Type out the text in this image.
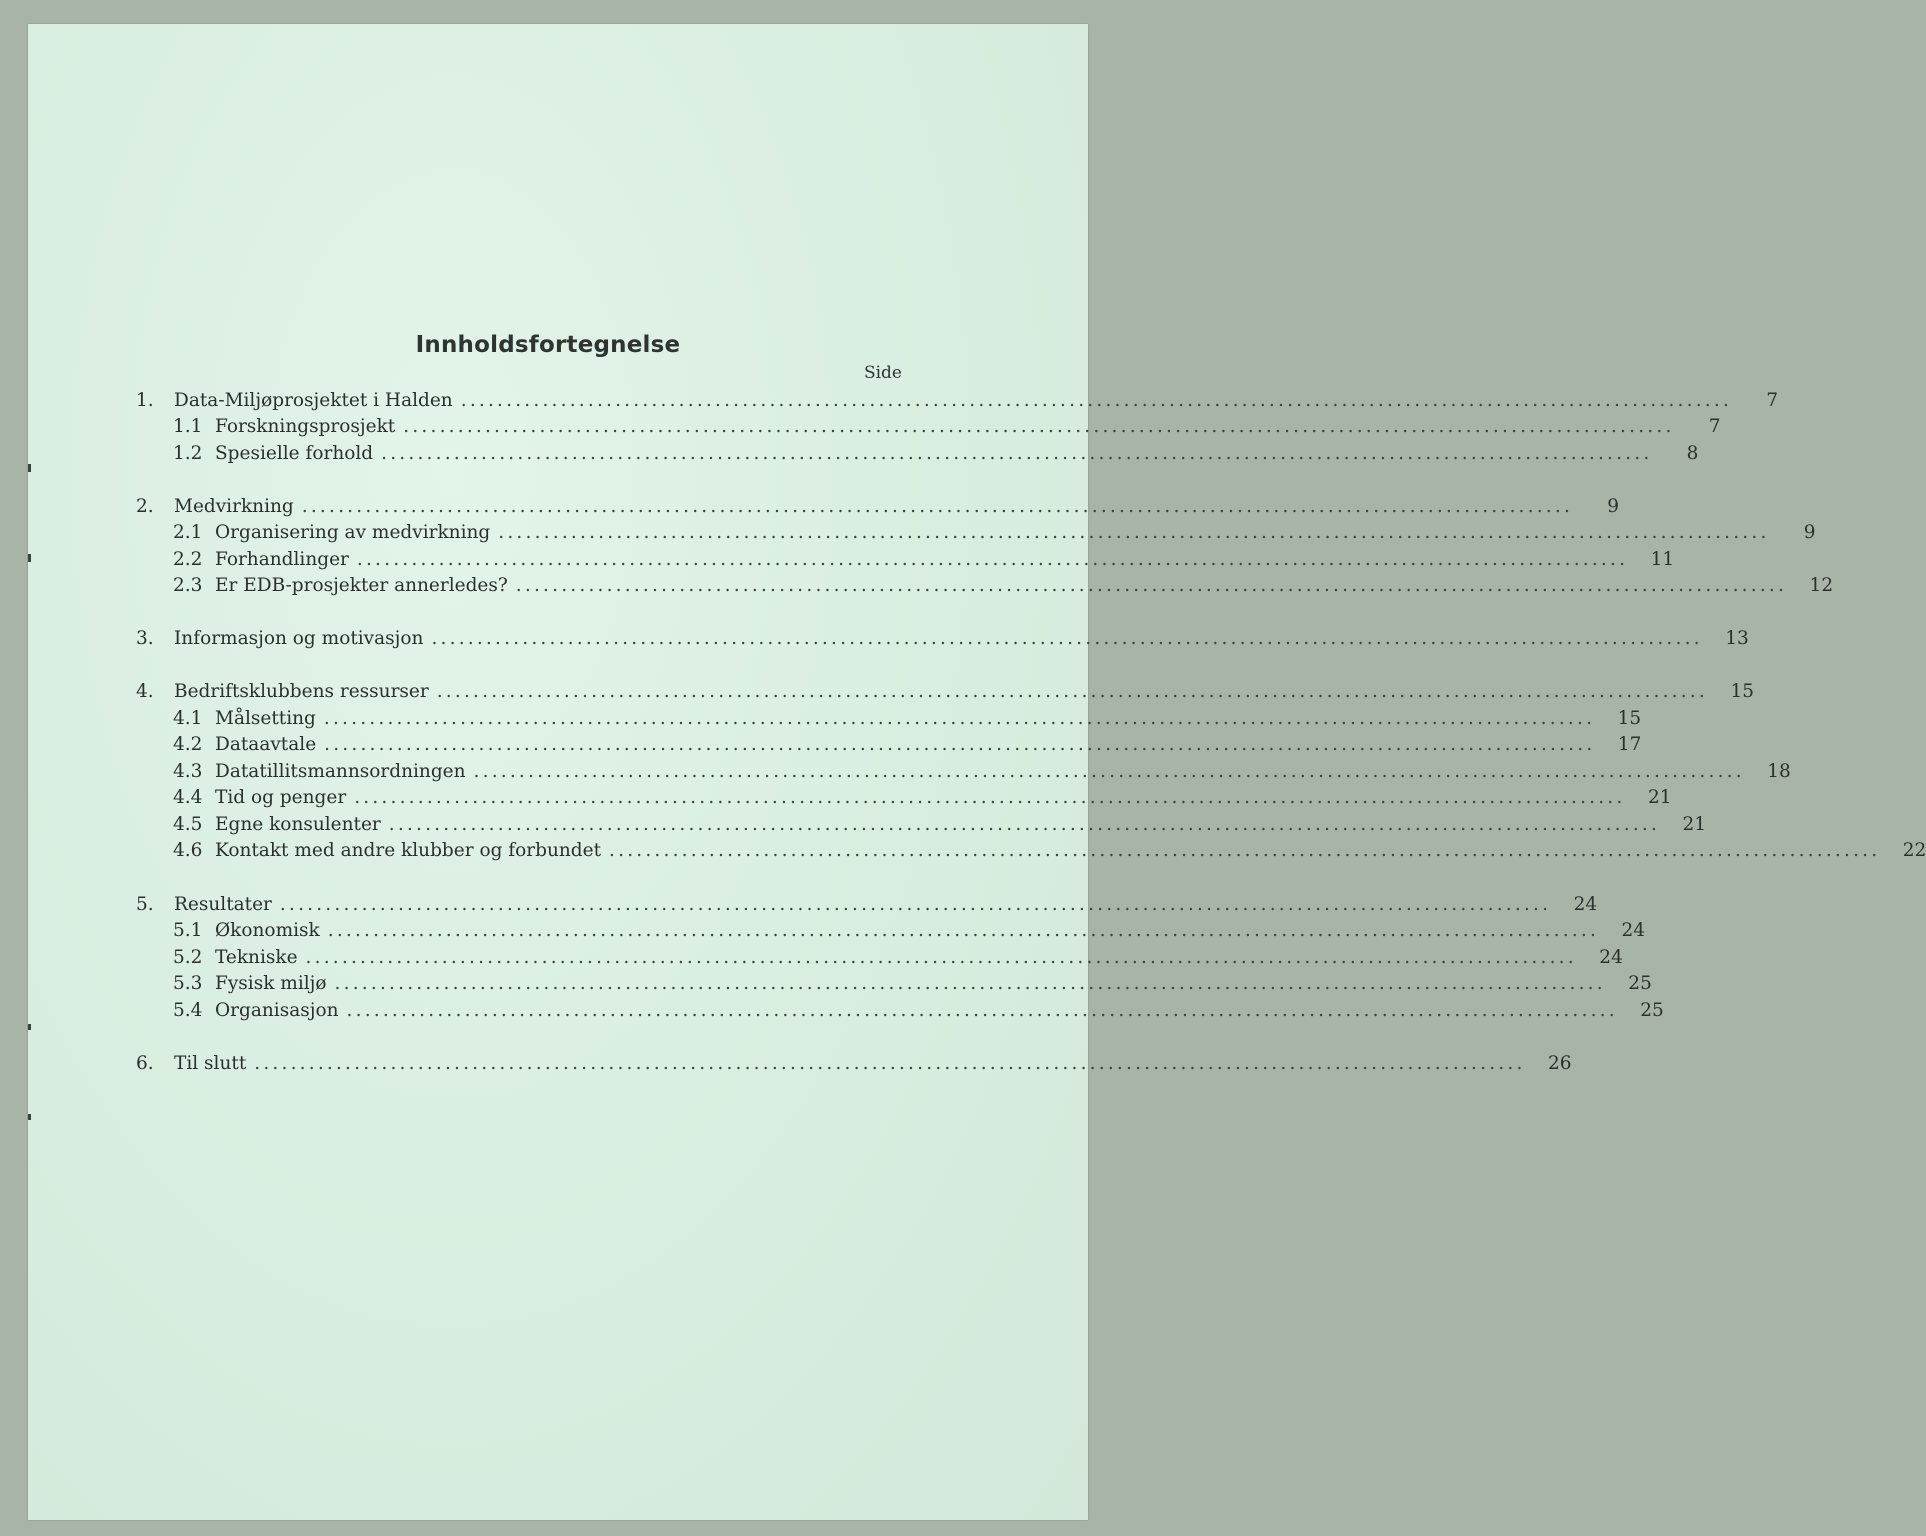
Innholdsfortegnelse
Side
1.	Data-Miljøprosjektet i Halden ............................................................................................................................................	7
1.1 Forskningsprosjekt ............................................................................................................................................	7
1.2 Spesielle forhold ............................................................................................................................................	8
2.	Medvirkning ............................................................................................................................................	9
2.1 Organisering av medvirkning ............................................................................................................................................	9
2.2 Forhandlinger ............................................................................................................................................	11
2.3 Er EDB-prosjekter annerledes? ............................................................................................................................................	12
3.	Informasjon og motivasjon ............................................................................................................................................	13
4.	Bedriftsklubbens ressurser ............................................................................................................................................	15
4.1 Målsetting ............................................................................................................................................	15
4.2 Dataavtale ............................................................................................................................................	17
4.3 Datatillitsmannsordningen ............................................................................................................................................	18
4.4 Tid og penger ............................................................................................................................................	21
4.5 Egne konsulenter ............................................................................................................................................	21
4.6 Kontakt med andre klubber og forbundet ............................................................................................................................................	22
5.	Resultater ............................................................................................................................................	24
5.1 Økonomisk ............................................................................................................................................	24
5.2 Tekniske ............................................................................................................................................	24
5.3 Fysisk miljø ............................................................................................................................................	25
5.4 Organisasjon ............................................................................................................................................	25
6.	Til slutt ............................................................................................................................................	26
